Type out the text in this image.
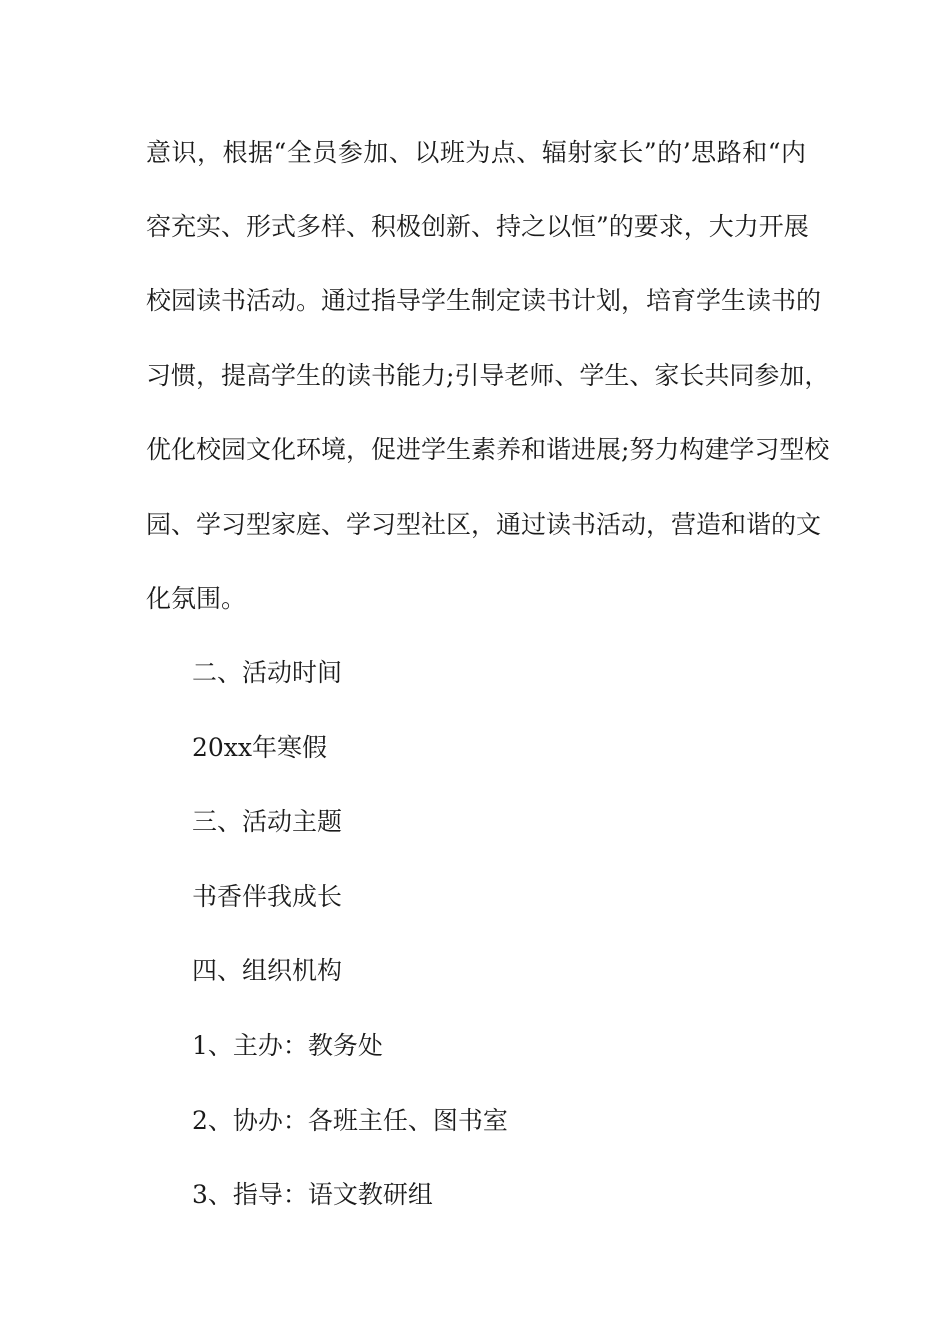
意识，根据“全员参加、以班为点、辐射家长”的’思路和“内
容充实、形式多样、积极创新、持之以恒”的要求，大力开展
校园读书活动。通过指导学生制定读书计划，培育学生读书的
习惯，提高学生的读书能力;引导老师、学生、家长共同参加，
优化校园文化环境，促进学生素养和谐进展;努力构建学习型校
园、学习型家庭、学习型社区，通过读书活动，营造和谐的文
化氛围。
二、活动时间
20xx年寒假
三、活动主题
书香伴我成长
四、组织机构
1、主办：教务处
2、协办：各班主任、图书室
3、指导：语文教研组
